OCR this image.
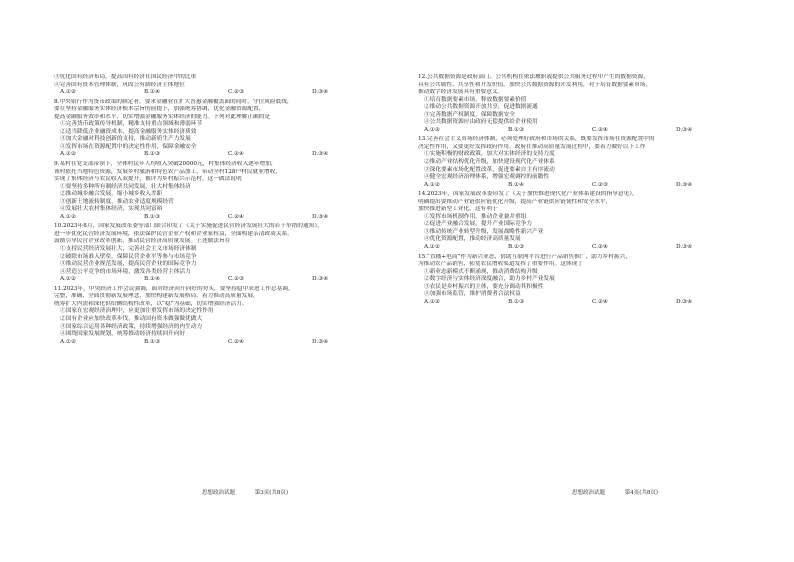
③优化国有经济布局，提高国有经济在国民经济中的比重
④完善国有资本管理体制，巩固公有制经济主体地位
A.①②	B.①④	C.②③	D.③④
8.中央银行作为货币政策的制定者，要求金融业在扩大普惠金融覆盖面的同时，守住风险底线，
要在坚持金融服务实体经济根本宗旨的前提下，加强统筹协调，优化金融资源配置，
提高金融服务效率和水平，切实增强金融服务实体经济的能力。下列对此理解正确的是
①完善货币政策传导机制，精准支持重点领域和薄弱环节
②适当降低企业融资成本，提高金融服务实体经济质效
③加大金融对科技创新的支持，推动新质生产力发展
④发挥市场在资源配置中的决定性作用，保障金融安全
A.①②	B.①③	C.②④	D.③④
9.某村在党支部带领下，全体村民年人均收入突破20000元，村集体经济收入逐年增加，
该村依托当地特色资源，发展乡村旅游和特色农产品加工，带动全村128户村民就业增收，
实现了集体经济与农民收入双提升，被评为乡村振兴示范村。这一做法说明
①要坚持多种所有制经济共同发展，壮大村集体经济
②推动城乡融合发展，缩小城乡收入差距
③创新土地流转制度，推动农业适度规模经营
④发展壮大农村集体经济，实现共同富裕
A.①②	B.①③	C.②④	D.③④
10.2023年8月，国家发展改革委等部门联合印发了《关于实施促进民营经济发展壮大的若干举措的通知》，
进一步优化民营经济发展环境，依法保护民营企业产权和企业家权益，全面构建亲清政商关系，
鼓励引导民营企业改革创新，推动民营经济高质量发展。上述做法旨在
①支持民营经济发展壮大，完善社会主义市场经济体制
②破除市场准入壁垒，保障民营企业平等参与市场竞争
③推动民营企业规范发展，提高民营企业的国际竞争力
④营造公平竞争的市场环境，激发各类经营主体活力
A.①②	B.①④	C.②③	D.③④
11.2023年，中央经济工作会议强调，面对经济回升向好的势头，要坚持稳中求进工作总基调，
完整、准确、全面贯彻新发展理念，加快构建新发展格局，着力推动高质量发展，
统筹扩大内需和深化供给侧结构性改革，以“稳”为基础，切实增强经济活力。
①国家在宏观经济治理中，应更加注重发挥市场的决定性作用
②国有企业应加快改革步伐，推动国有资本做强做优做大
③国家综合运用各种经济政策，持续增强经济的内生动力
④围绕国家发展规划，统筹推动经济持续回升向好
A.①②	B.①③	C.②④	D.③④
12.公共数据资源是政府部门、公共机构在依法履职或提供公共服务过程中产生的数据资源，
具有公共属性、共享性和开发价值。加快公共数据资源的开发利用，对于培育数据要素市场、
推动数字经济发展具有重要意义。
①培育数据要素市场，释放数据要素价值
②推动公共数据资源开放共享，促进数据流通
③完善数据产权制度，保障数据安全
④公共数据资源应由政府无偿提供给企业使用
A.①②	B.①③	C.②④	D.③④
13.完善社会主义市场经济体制，必须处理好政府和市场的关系，既要发挥市场在资源配置中的
决定性作用，又要更好发挥政府作用。政府在推动高质量发展过程中，要着力做好以下工作
①实施积极的财政政策，加大对实体经济的支持力度
②推动产业结构优化升级，加快建设现代化产业体系
③深化要素市场化配置改革，促进要素自主有序流动
④健全宏观经济治理体系，增强宏观调控的前瞻性
A.①②	B.①④	C.②③	D.③④
14.2023年，国家发展改革委印发了《关于加快推进现代化产业体系建设的指导意见》，
明确提出要推动产业链供应链优化升级，提高产业链供应链韧性和安全水平，
加快推进新型工业化，这有利于
①发挥市场机制作用，推动企业兼并重组
②促进产业融合发展，提升产业国际竞争力
③推动传统产业转型升级，发展战略性新兴产业
④优化资源配置，推动经济高质量发展
A.①②	B.①③	C.②④	D.③④
15.“直播+电商”作为新兴业态，借助互联网平台进行产品销售推广，助力乡村振兴，
为推动农产品销售、拓宽农民增收渠道发挥了重要作用。这体现了
①新业态新模式不断涌现，推动消费结构升级
②数字经济与实体经济深度融合，助力乡村产业发展
③农民是乡村振兴的主体，要充分调动其积极性
④加强市场监管，维护消费者合法权益
A.①②	B.①③	C.②④	D.③④
思想政治试题	第3页(共8页)	思想政治试题	第4页(共8页)
